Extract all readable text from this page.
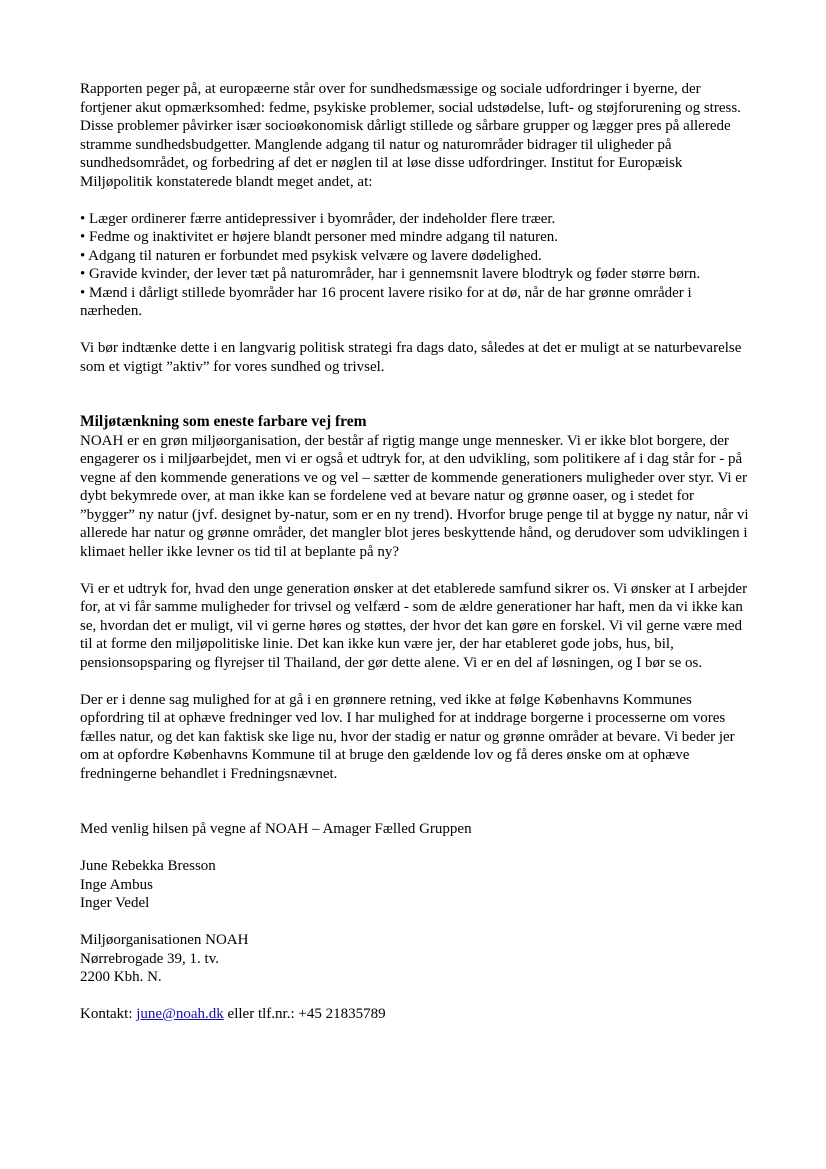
Rapporten peger på, at europæerne står over for sundhedsmæssige og sociale udfordringer i byerne, der fortjener akut opmærksomhed: fedme, psykiske problemer, social udstødelse, luft- og støjforurening og stress. Disse problemer påvirker især socioøkonomisk dårligt stillede og sårbare grupper og lægger pres på allerede stramme sundhedsbudgetter. Manglende adgang til natur og naturområder bidrager til uligheder på sundhedsområdet, og forbedring af det er nøglen til at løse disse udfordringer. Institut for Europæisk Miljøpolitik konstaterede blandt meget andet, at:

• Læger ordinerer færre antidepressiver i byområder, der indeholder flere træer.
• Fedme og inaktivitet er højere blandt personer med mindre adgang til naturen.
• Adgang til naturen er forbundet med psykisk velvære og lavere dødelighed.
• Gravide kvinder, der lever tæt på naturområder, har i gennemsnit lavere blodtryk og føder større børn.
• Mænd i dårligt stillede byområder har 16 procent lavere risiko for at dø, når de har grønne områder i nærheden.

Vi bør indtænke dette i en langvarig politisk strategi fra dags dato, således at det er muligt at se naturbevarelse som et vigtigt ”aktiv” for vores sundhed og trivsel.

Miljøtænkning som eneste farbare vej frem

NOAH er en grøn miljøorganisation, der består af rigtig mange unge mennesker. Vi er ikke blot borgere, der engagerer os i miljøarbejdet, men vi er også et udtryk for, at den udvikling, som politikere af i dag står for - på vegne af den kommende generations ve og vel – sætter de kommende generationers muligheder over styr. Vi er dybt bekymrede over, at man ikke kan se fordelene ved at bevare natur og grønne oaser, og i stedet for ”bygger” ny natur (jvf. designet by-natur, som er en ny trend). Hvorfor bruge penge til at bygge ny natur, når vi allerede har natur og grønne områder, det mangler blot jeres beskyttende hånd, og derudover som udviklingen i klimaet heller ikke levner os tid til at beplante på ny?

Vi er et udtryk for, hvad den unge generation ønsker at det etablerede samfund sikrer os. Vi ønsker at I arbejder for, at vi får samme muligheder for trivsel og velfærd - som de ældre generationer har haft, men da vi ikke kan se, hvordan det er muligt, vil vi gerne høres og støttes, der hvor det kan gøre en forskel. Vi vil gerne være med til at forme den miljøpolitiske linie. Det kan ikke kun være jer, der har etableret gode jobs, hus, bil, pensionsopsparing og flyrejser til Thailand, der gør dette alene. Vi er en del af løsningen, og I bør se os.

Der er i denne sag mulighed for at gå i en grønnere retning, ved ikke at følge Københavns Kommunes opfordring til at ophæve fredninger ved lov. I har mulighed for at inddrage borgerne i processerne om vores fælles natur, og det kan faktisk ske lige nu, hvor der stadig er natur og grønne områder at bevare. Vi beder jer om at opfordre Københavns Kommune til at bruge den gældende lov og få deres ønske om at ophæve fredningerne behandlet i Fredningsnævnet.

Med venlig hilsen på vegne af NOAH – Amager Fælled Gruppen

June Rebekka Bresson
Inge Ambus
Inger Vedel
Miljøorganisationen NOAH
Nørrebrogade 39, 1. tv.
2200 Kbh. N.

Kontakt: june@noah.dk eller tlf.nr.: +45 21835789
